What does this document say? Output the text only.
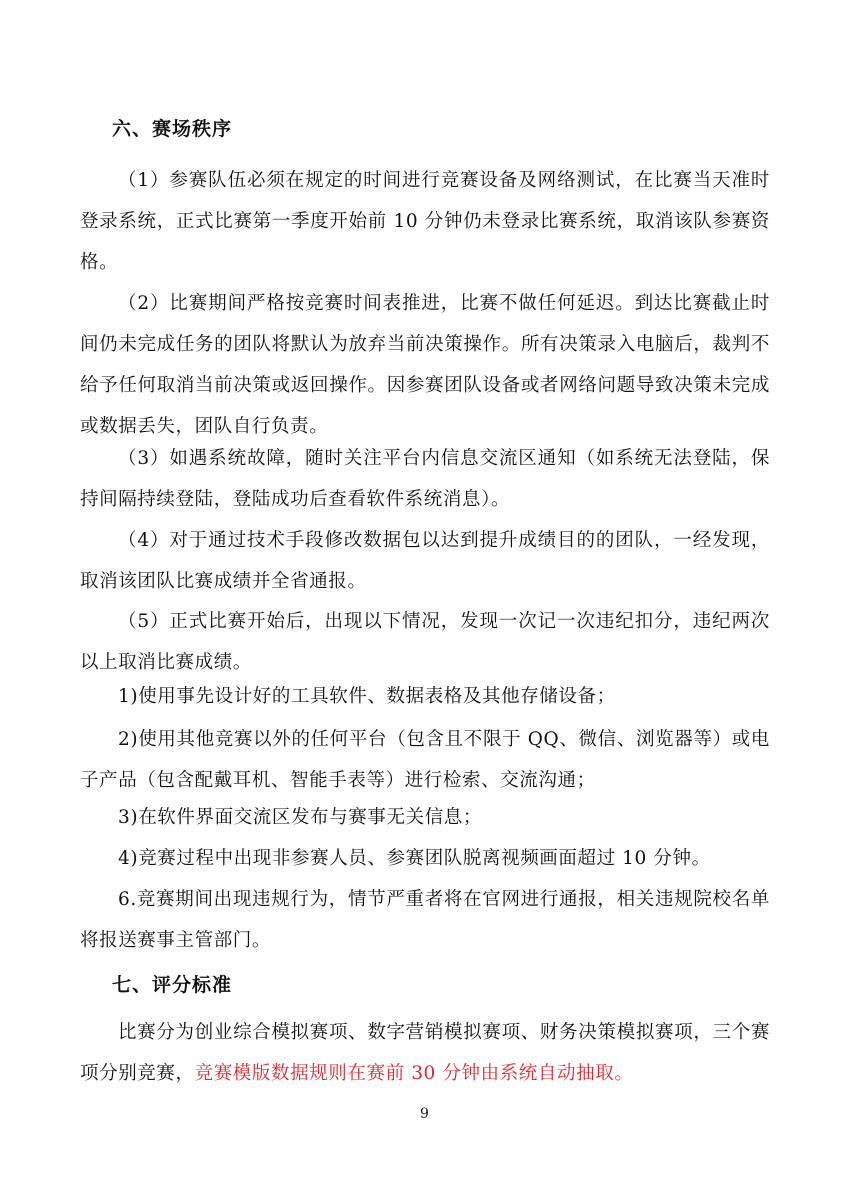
六、赛场秩序
（1）参赛队伍必须在规定的时间进行竞赛设备及网络测试，在比赛当天准时登录系统，正式比赛第一季度开始前 10 分钟仍未登录比赛系统，取消该队参赛资格。
（2）比赛期间严格按竞赛时间表推进，比赛不做任何延迟。到达比赛截止时间仍未完成任务的团队将默认为放弃当前决策操作。所有决策录入电脑后，裁判不给予任何取消当前决策或返回操作。因参赛团队设备或者网络问题导致决策未完成或数据丢失，团队自行负责。
（3）如遇系统故障，随时关注平台内信息交流区通知（如系统无法登陆，保持间隔持续登陆，登陆成功后查看软件系统消息）。
（4）对于通过技术手段修改数据包以达到提升成绩目的的团队，一经发现，取消该团队比赛成绩并全省通报。
（5）正式比赛开始后，出现以下情况，发现一次记一次违纪扣分，违纪两次以上取消比赛成绩。
1)使用事先设计好的工具软件、数据表格及其他存储设备；
2)使用其他竞赛以外的任何平台（包含且不限于 QQ、微信、浏览器等）或电子产品（包含配戴耳机、智能手表等）进行检索、交流沟通；
3)在软件界面交流区发布与赛事无关信息；
4)竞赛过程中出现非参赛人员、参赛团队脱离视频画面超过 10 分钟。
6.竞赛期间出现违规行为，情节严重者将在官网进行通报，相关违规院校名单将报送赛事主管部门。
七、评分标准
比赛分为创业综合模拟赛项、数字营销模拟赛项、财务决策模拟赛项，三个赛项分别竞赛，竞赛模版数据规则在赛前 30 分钟由系统自动抽取。
9
